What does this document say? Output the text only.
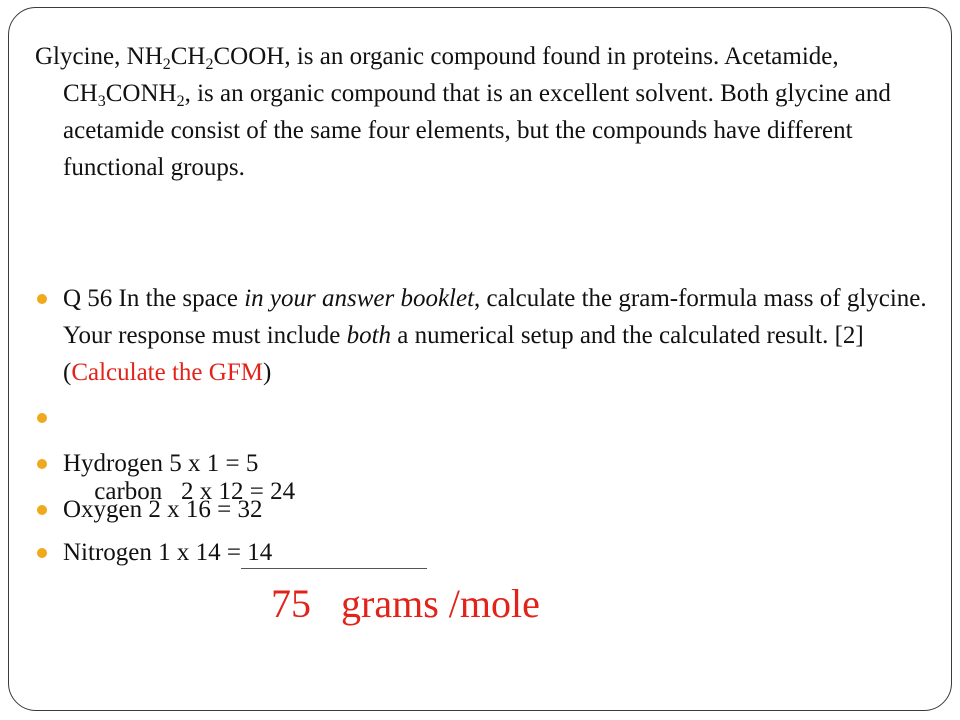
Glycine, $NH_2CH_2COOH$, is an organic compound found in proteins. Acetamide, $CH_3CONH_2$, is an organic compound that is an excellent solvent. Both glycine and acetamide consist of the same four elements, but the compounds have different functional groups.

Q 56 In the space in your answer booklet, calculate the gram-formula mass of glycine. Your response must include both a numerical setup and the calculated result. [2] (Calculate the GFM)

carbon   2 x 12 = 24

Hydrogen 5 x 1 = 5
Oxygen 2 x 16 = 32
Nitrogen 1 x 14 = 14
75   grams /mole
